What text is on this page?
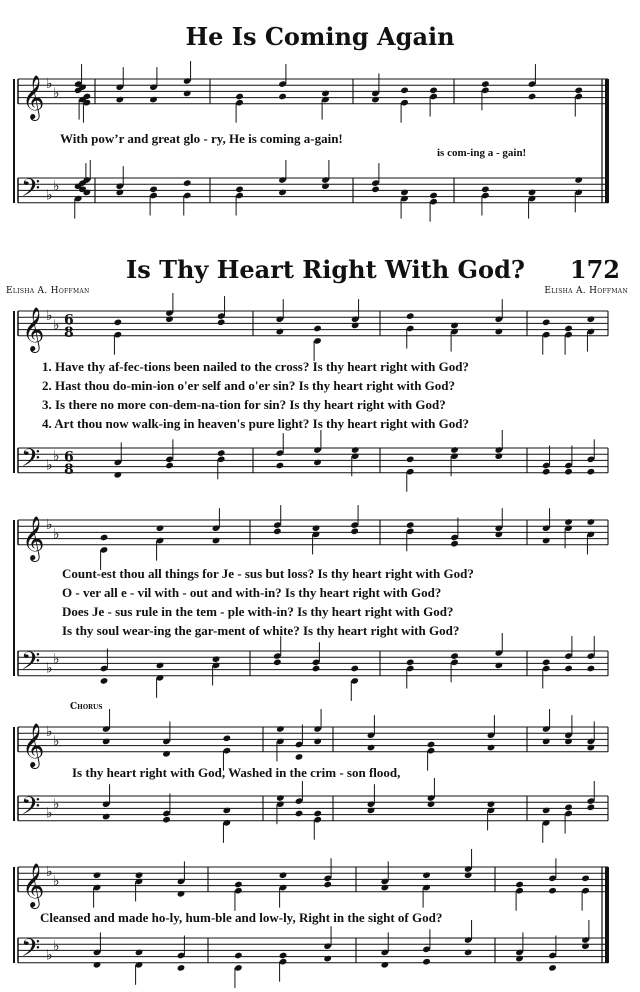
He Is Coming Again
Is Thy Heart Right With God? 172
Elisha A. Hoffman	Elisha A. Hoffman
With pow’r and great glo - ry, He is coming a-gain!
is com-ing a - gain!
1. Have thy af-fec-tions been nailed to the cross? Is thy heart right with God?
2. Hast thou do-min-ion o'er self and o'er sin? Is thy heart right with God?
3. Is there no more con-dem-na-tion for sin? Is thy heart right with God?
4. Art thou now walk-ing in heaven's pure light? Is thy heart right with God?
Count-est thou all things for Je - sus but loss? Is thy heart right with God?
O - ver all e - vil with - out and with-in? Is thy heart right with God?
Does Je - sus rule in the tem - ple with-in? Is thy heart right with God?
Is thy soul wear-ing the gar-ment of white? Is thy heart right with God?
Chorus
Is thy heart right with God, Washed in the crim - son flood,
Cleansed and made ho-ly, hum-ble and low-ly, Right in the sight of God?
𝄞 ♭
♭
𝄢 ♭
♭
𝄞 ♭
♭ 6
8
𝄢 ♭
♭ 6
8
𝄞 ♭
♭
𝄢 ♭
♭
𝄞 ♭
♭
𝄢 ♭
♭
𝄞 ♭
♭
𝄢 ♭
♭
